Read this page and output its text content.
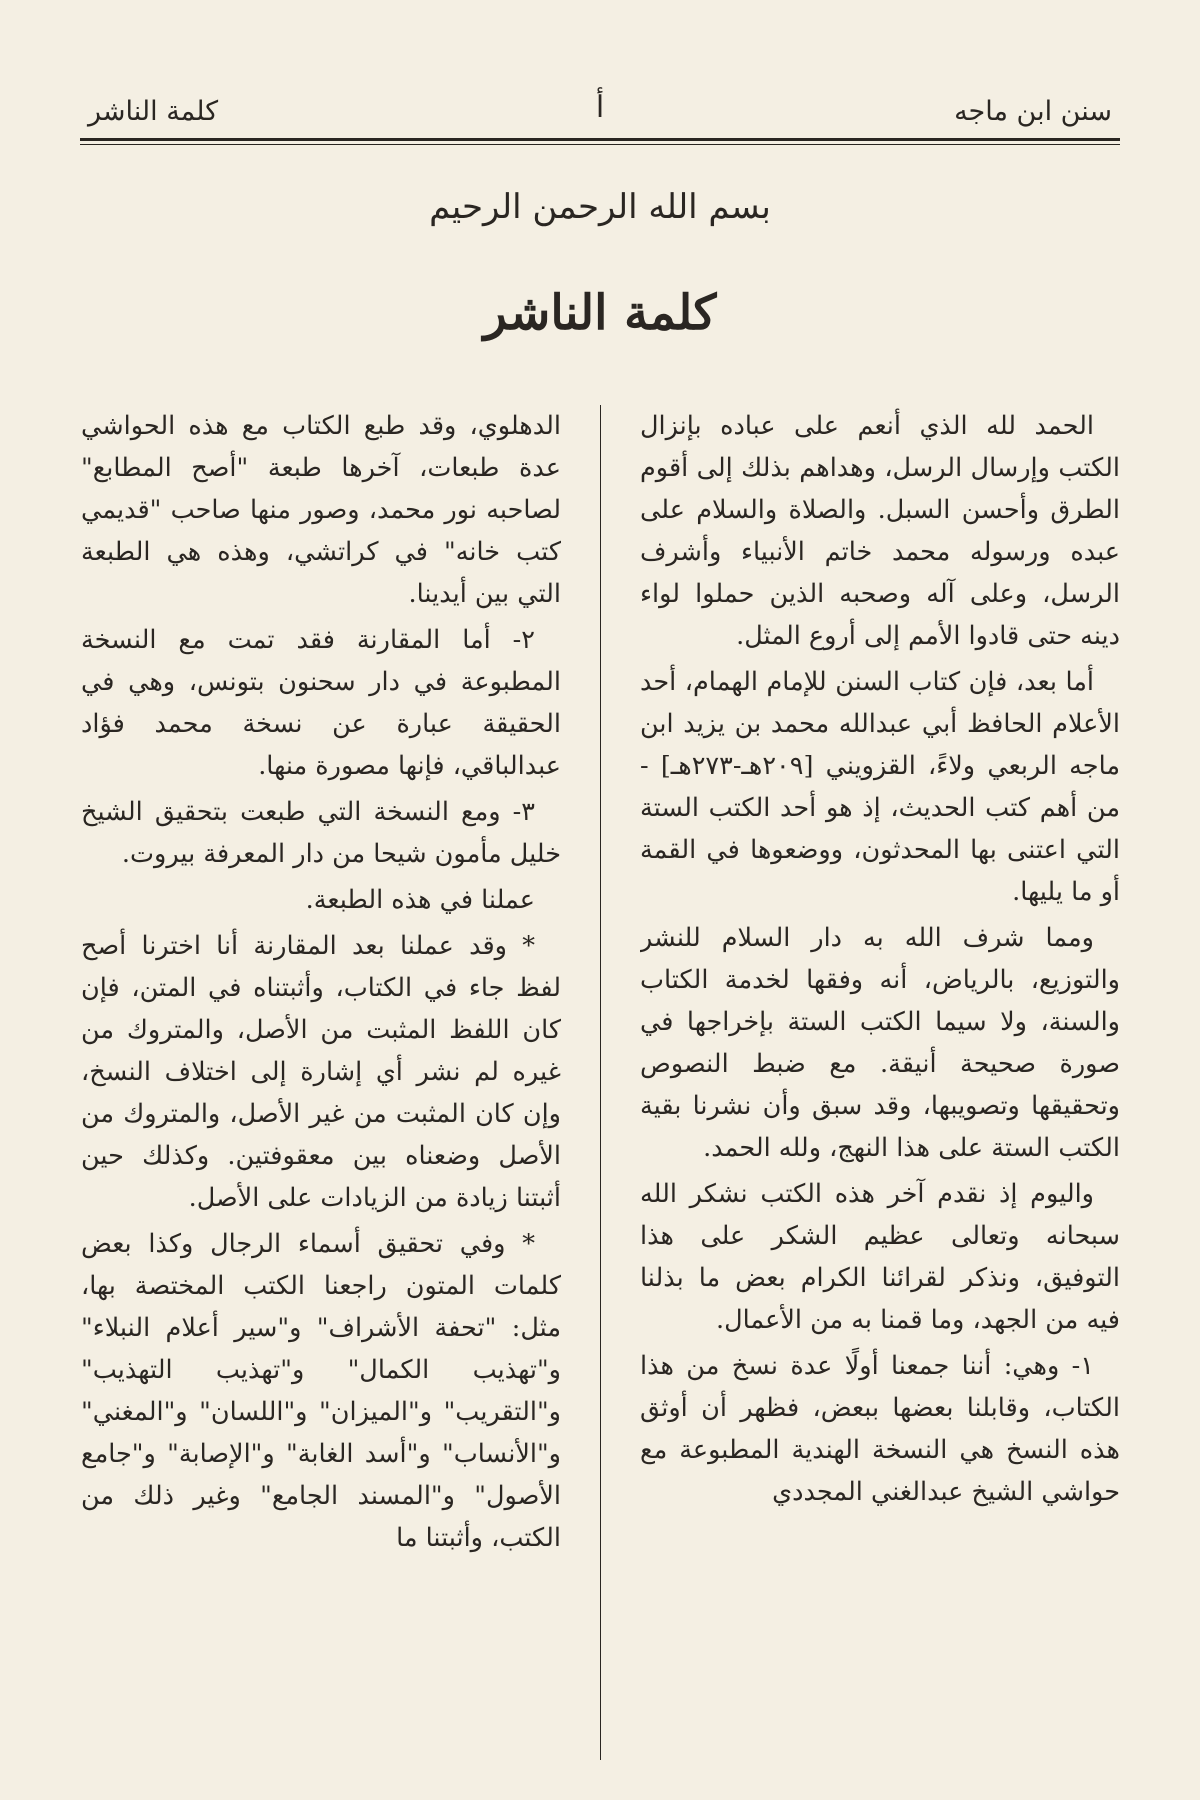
سنن ابن ماجه
أ
كلمة الناشر
بسم الله الرحمن الرحيم
كلمة الناشر

الحمد لله الذي أنعم على عباده بإنزال الكتب وإرسال الرسل، وهداهم بذلك إلى أقوم الطرق وأحسن السبل. والصلاة والسلام على عبده ورسوله محمد خاتم الأنبياء وأشرف الرسل، وعلى آله وصحبه الذين حملوا لواء دينه حتى قادوا الأمم إلى أروع المثل.

أما بعد، فإن كتاب السنن للإمام الهمام، أحد الأعلام الحافظ أبي عبدالله محمد بن يزيد ابن ماجه الربعي ولاءً، القزويني [٢٠٩هـ-٢٧٣هـ] - من أهم كتب الحديث، إذ هو أحد الكتب الستة التي اعتنى بها المحدثون، ووضعوها في القمة أو ما يليها.

ومما شرف الله به دار السلام للنشر والتوزيع، بالرياض، أنه وفقها لخدمة الكتاب والسنة، ولا سيما الكتب الستة بإخراجها في صورة صحيحة أنيقة. مع ضبط النصوص وتحقيقها وتصويبها، وقد سبق وأن نشرنا بقية الكتب الستة على هذا النهج، ولله الحمد.

واليوم إذ نقدم آخر هذه الكتب نشكر الله سبحانه وتعالى عظيم الشكر على هذا التوفيق، ونذكر لقرائنا الكرام بعض ما بذلنا فيه من الجهد، وما قمنا به من الأعمال.

١- وهي: أننا جمعنا أولًا عدة نسخ من هذا الكتاب، وقابلنا بعضها ببعض، فظهر أن أوثق هذه النسخ هي النسخة الهندية المطبوعة مع حواشي الشيخ عبدالغني المجددي

الدهلوي، وقد طبع الكتاب مع هذه الحواشي عدة طبعات، آخرها طبعة "أصح المطابع" لصاحبه نور محمد، وصور منها صاحب "قديمي كتب خانه" في كراتشي، وهذه هي الطبعة التي بين أيدينا.

٢- أما المقارنة فقد تمت مع النسخة المطبوعة في دار سحنون بتونس، وهي في الحقيقة عبارة عن نسخة محمد فؤاد عبدالباقي، فإنها مصورة منها.

٣- ومع النسخة التي طبعت بتحقيق الشيخ خليل مأمون شيحا من دار المعرفة بيروت.

عملنا في هذه الطبعة.

* وقد عملنا بعد المقارنة أنا اخترنا أصح لفظ جاء في الكتاب، وأثبتناه في المتن، فإن كان اللفظ المثبت من الأصل، والمتروك من غيره لم نشر أي إشارة إلى اختلاف النسخ، وإن كان المثبت من غير الأصل، والمتروك من الأصل وضعناه بين معقوفتين. وكذلك حين أثبتنا زيادة من الزيادات على الأصل.

* وفي تحقيق أسماء الرجال وكذا بعض كلمات المتون راجعنا الكتب المختصة بها، مثل: "تحفة الأشراف" و"سير أعلام النبلاء" و"تهذيب الكمال" و"تهذيب التهذيب" و"التقريب" و"الميزان" و"اللسان" و"المغني" و"الأنساب" و"أسد الغابة" و"الإصابة" و"جامع الأصول" و"المسند الجامع" وغير ذلك من الكتب، وأثبتنا ما
